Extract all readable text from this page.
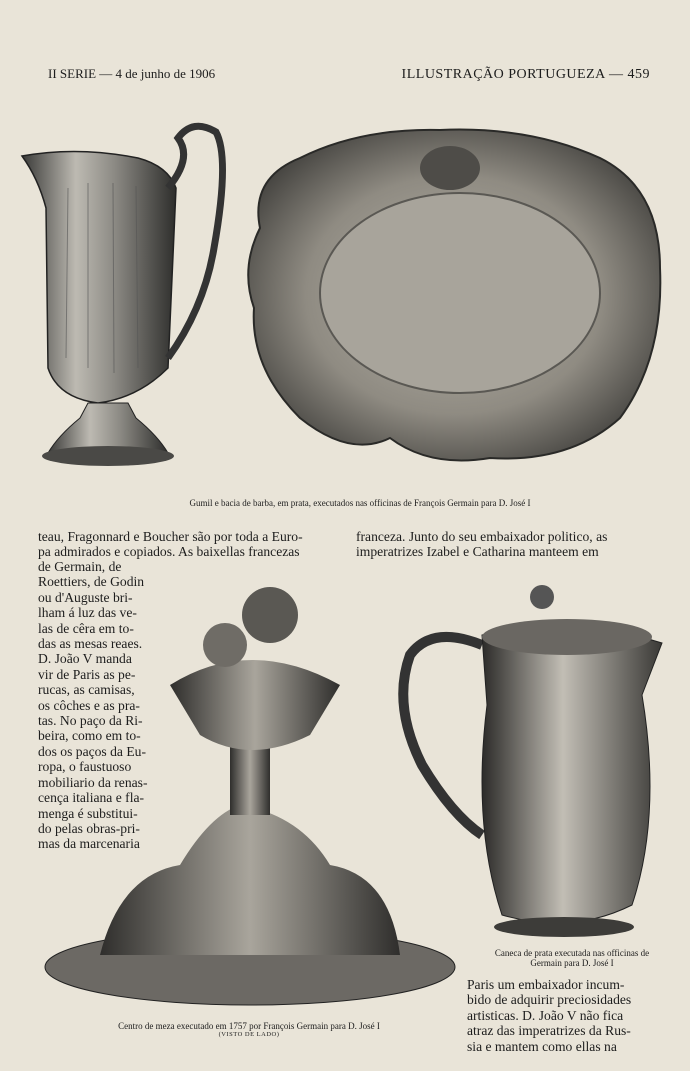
II SERIE — 4 de junho de 1906	ILLUSTRAÇÃO PORTUGUEZA — 459
Gumil e bacia de barba, em prata, executados nas officinas de François Germain para D. José I

teau, Fragonnard e Boucher são por toda a Euro-

pa admirados e copiados. As baixellas francezas

franceza. Junto do seu embaixador politico, as

imperatrizes Izabel e Catharina manteem em

de Germain, de

Roettiers, de Godin

ou d'Auguste bri-

lham á luz das ve-

las de cêra em to-

das as mesas reaes.

D. João V manda

vir de Paris as pe-

rucas, as camisas,

os côches e as pra-

tas. No paço da Ri-

beira, como em to-

dos os paços da Eu-

ropa, o faustuoso

mobiliario da renas-

cença italiana e fla-

menga é substitui-

do pelas obras-pri-

mas da marcenaria

Centro de meza executado em 1757 por François Germain para D. José I
(VISTO DE LADO)
Caneca de prata executada nas officinas de
Germain para D. José I

Paris um embaixador incum-

bido de adquirir preciosidades

artisticas. D. João V não fica

atraz das imperatrizes da Rus-

sia e mantem como ellas na
